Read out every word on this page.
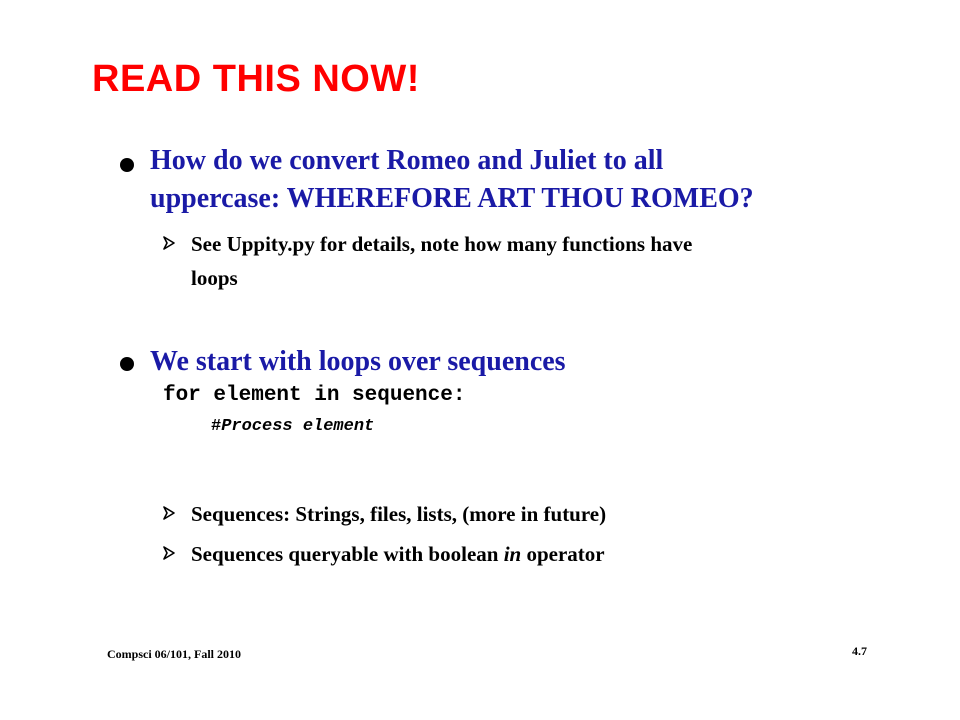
READ THIS NOW!
How do we convert Romeo and Juliet to all
uppercase: WHEREFORE ART THOU ROMEO?
See Uppity.py for details, note how many functions have
loops
We start with loops over sequences
for element in sequence:
#Process element
Sequences: Strings, files, lists, (more in future)
Sequences queryable with boolean in operator
Compsci 06/101, Fall 2010	4.7
